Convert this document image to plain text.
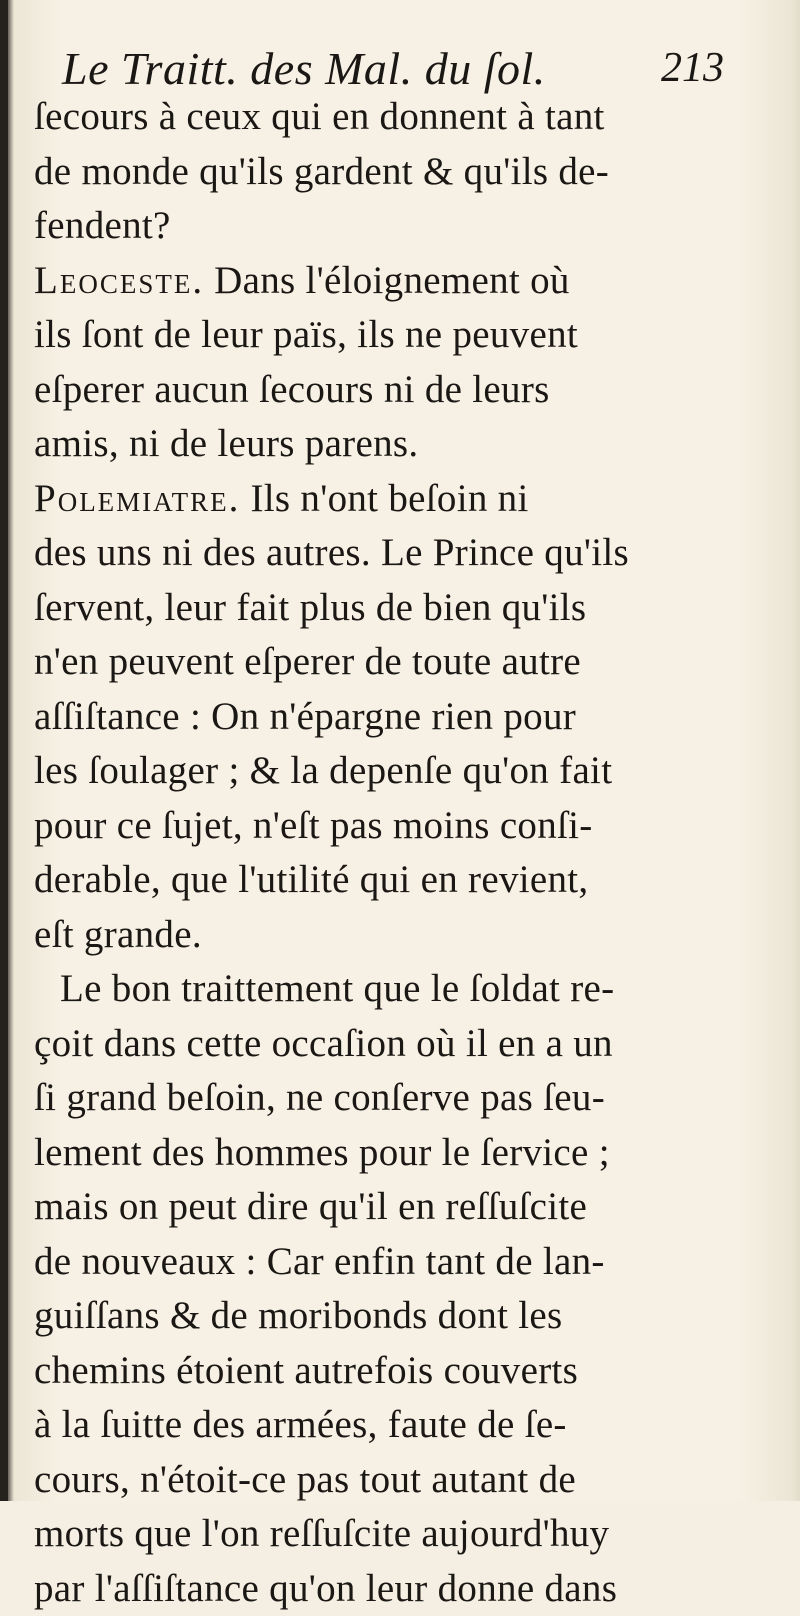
Le Traitt. des Mal. du ſol.	213
ſecours à ceux qui en donnent à tant
de monde qu'ils gardent & qu'ils de-
fendent?
Leoceste. Dans l'éloignement où
ils ſont de leur païs, ils ne peuvent
eſperer aucun ſecours ni de leurs
amis, ni de leurs parens.
Polemiatre. Ils n'ont beſoin ni
des uns ni des autres. Le Prince qu'ils
ſervent, leur fait plus de bien qu'ils
n'en peuvent eſperer de toute autre
aſſiſtance : On n'épargne rien pour
les ſoulager ; & la depenſe qu'on fait
pour ce ſujet, n'eſt pas moins conſi-
derable, que l'utilité qui en revient,
eſt grande.
Le bon traittement que le ſoldat re-
çoit dans cette occaſion où il en a un
ſi grand beſoin, ne conſerve pas ſeu-
lement des hommes pour le ſervice ;
mais on peut dire qu'il en reſſuſcite
de nouveaux : Car enfin tant de lan-
guiſſans & de moribonds dont les
chemins étoient autrefois couverts
à la ſuitte des armées, faute de ſe-
cours, n'étoit-ce pas tout autant de
morts que l'on reſſuſcite aujourd'huy
par l'aſſiſtance qu'on leur donne dans
